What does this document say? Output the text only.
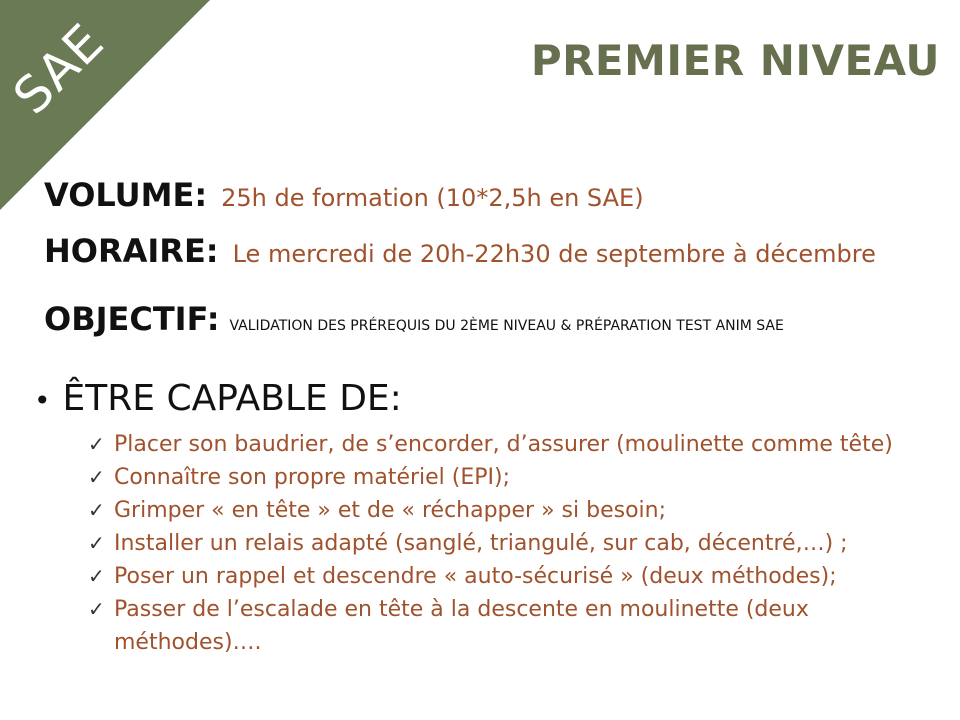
SAE	PREMIER NIVEAU
VOLUME: 25h de formation (10*2,5h en SAE)
HORAIRE: Le mercredi de 20h-22h30 de septembre à décembre
OBJECTIF: VALIDATION DES PRÉREQUIS DU 2ÈME NIVEAU & PRÉPARATION TEST ANIM SAE
• ÊTRE CAPABLE DE:
✓ Placer son baudrier, de s’encorder, d’assurer (moulinette comme tête)
✓ Connaître son propre matériel (EPI);
✓ Grimper « en tête » et de « réchapper » si besoin;
✓ Installer un relais adapté (sanglé, triangulé, sur cab, décentré,…) ;
✓ Poser un rappel et descendre « auto-sécurisé » (deux méthodes);
✓ Passer de l’escalade en tête à la descente en moulinette (deux méthodes)….
